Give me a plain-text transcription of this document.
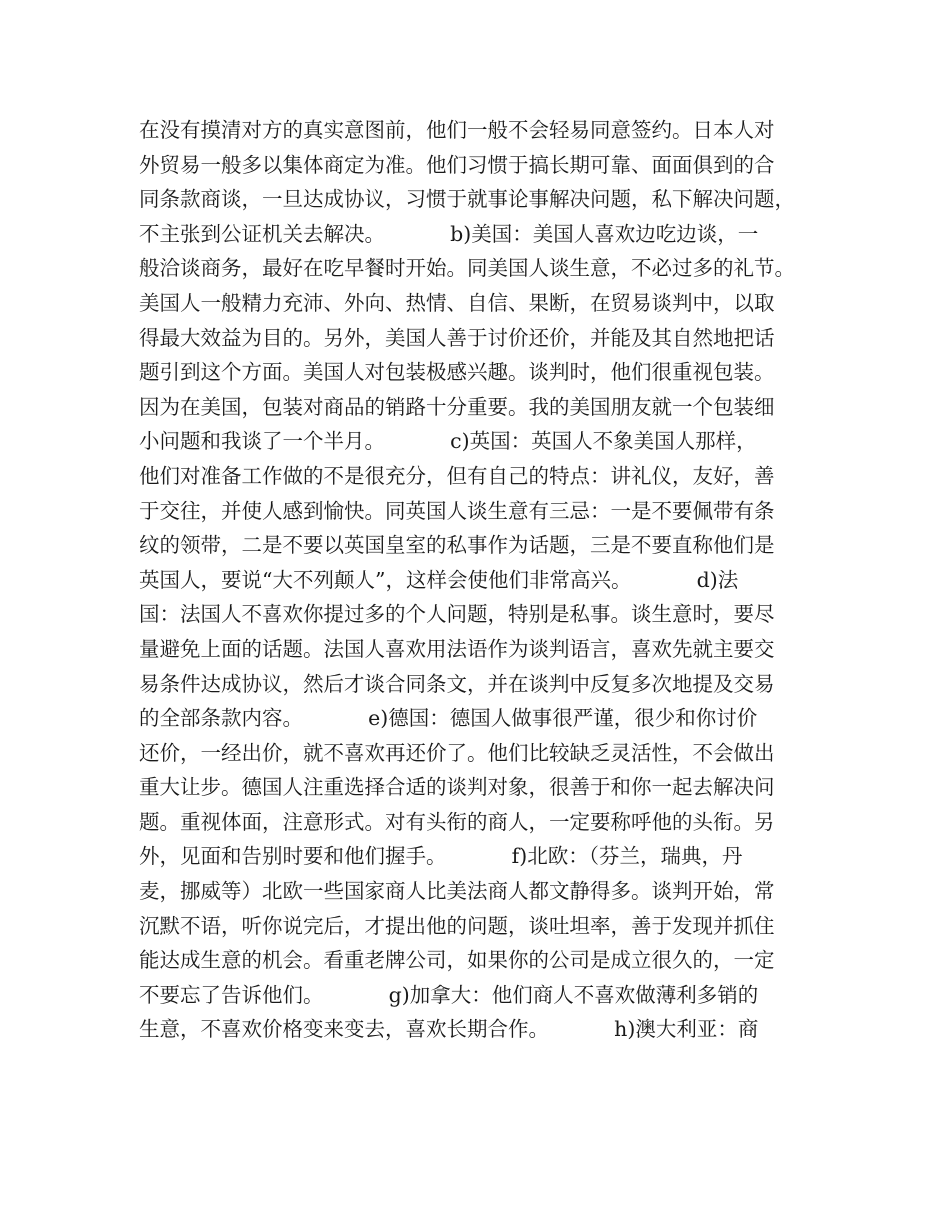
在没有摸清对方的真实意图前，他们一般不会轻易同意签约。日本人对
外贸易一般多以集体商定为准。他们习惯于搞长期可靠、面面俱到的合
同条款商谈，一旦达成协议，习惯于就事论事解决问题，私下解决问题，
不主张到公证机关去解决。          b)美国：美国人喜欢边吃边谈，一
般洽谈商务，最好在吃早餐时开始。同美国人谈生意，不必过多的礼节。
美国人一般精力充沛、外向、热情、自信、果断，在贸易谈判中，以取
得最大效益为目的。另外，美国人善于讨价还价，并能及其自然地把话
题引到这个方面。美国人对包装极感兴趣。谈判时，他们很重视包装。
因为在美国，包装对商品的销路十分重要。我的美国朋友就一个包装细
小问题和我谈了一个半月。          c)英国：英国人不象美国人那样，
他们对准备工作做的不是很充分，但有自己的特点：讲礼仪，友好，善
于交往，并使人感到愉快。同英国人谈生意有三忌：一是不要佩带有条
纹的领带，二是不要以英国皇室的私事作为话题，三是不要直称他们是
英国人，要说“大不列颠人”，这样会使他们非常高兴。          d)法
国：法国人不喜欢你提过多的个人问题，特别是私事。谈生意时，要尽
量避免上面的话题。法国人喜欢用法语作为谈判语言，喜欢先就主要交
易条件达成协议，然后才谈合同条文，并在谈判中反复多次地提及交易
的全部条款内容。          e)德国：德国人做事很严谨，很少和你讨价
还价，一经出价，就不喜欢再还价了。他们比较缺乏灵活性，不会做出
重大让步。德国人注重选择合适的谈判对象，很善于和你一起去解决问
题。重视体面，注意形式。对有头衔的商人，一定要称呼他的头衔。另
外，见面和告别时要和他们握手。          f)北欧：（芬兰，瑞典，丹
麦，挪威等）北欧一些国家商人比美法商人都文静得多。谈判开始，常
沉默不语，听你说完后，才提出他的问题，谈吐坦率，善于发现并抓住
能达成生意的机会。看重老牌公司，如果你的公司是成立很久的，一定
不要忘了告诉他们。          g)加拿大：他们商人不喜欢做薄利多销的
生意，不喜欢价格变来变去，喜欢长期合作。          h)澳大利亚：商
